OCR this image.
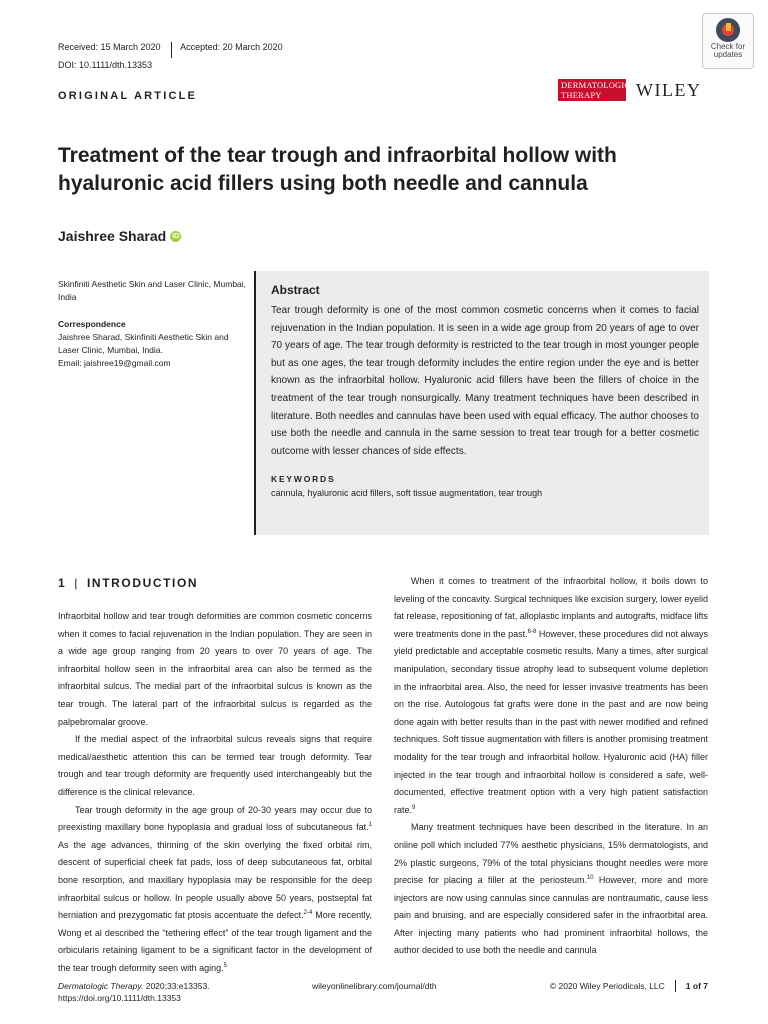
Received: 15 March 2020 Accepted: 20 March 2020
DOI: 10.1111/dth.13353
Check for
updates
ORIGINAL ARTICLE
DERMATOLOGIC
THERAPY	WILEY
Treatment of the tear trough and infraorbital hollow with hyaluronic acid fillers using both needle and cannula
Jaishree Sharad iD
Skinfiniti Aesthetic Skin and Laser Clinic, Mumbai, India
Correspondence
Jaishree Sharad, Skinfiniti Aesthetic Skin and Laser Clinic, Mumbai, India.
Email: jaishree19@gmail.com
Abstract

Tear trough deformity is one of the most common cosmetic concerns when it comes to facial rejuvenation in the Indian population. It is seen in a wide age group from 20 years of age to over 70 years of age. The tear trough deformity is restricted to the tear trough in most younger people but as one ages, the tear trough deformity includes the entire region under the eye and is better known as the infraorbital hollow. Hyaluronic acid fillers have been the fillers of choice in the treatment of the tear trough nonsurgically. Many treatment techniques have been described in literature. Both needles and cannulas have been used with equal efficacy. The author chooses to use both the needle and cannula in the same session to treat tear trough for a better cosmetic outcome with lesser chances of side effects.

KEYWORDS
cannula, hyaluronic acid fillers, soft tissue augmentation, tear trough
1 | INTRODUCTION

Infraorbital hollow and tear trough deformities are common cosmetic concerns when it comes to facial rejuvenation in the Indian population. They are seen in a wide age group ranging from 20 years to over 70 years of age. The infraorbital hollow seen in the infraorbital area can also be termed as the infraorbital sulcus. The medial part of the infraorbital sulcus is known as the tear trough. The lateral part of the infraorbital sulcus is regarded as the palpebromalar groove.

If the medial aspect of the infraorbital sulcus reveals signs that require medical/aesthetic attention this can be termed tear trough deformity. Tear trough and tear trough deformity are frequently used interchangeably but the difference is the clinical relevance.

Tear trough deformity in the age group of 20-30 years may occur due to preexisting maxillary bone hypoplasia and gradual loss of subcutaneous fat.$^1$ As the age advances, thinning of the skin overlying the fixed orbital rim, descent of superficial cheek fat pads, loss of deep subcutaneous fat, orbital bone resorption, and maxillary hypoplasia may be responsible for the deep infraorbital sulcus or hollow. In people usually above 50 years, postseptal fat herniation and prezygomatic fat ptosis accentuate the defect.$^{2-4}$ More recently, Wong et al described the “tethering effect” of the tear trough ligament and the orbicularis retaining ligament to be a significant factor in the development of the tear trough deformity seen with aging.$^5$

When it comes to treatment of the infraorbital hollow, it boils down to leveling of the concavity. Surgical techniques like excision surgery, lower eyelid fat release, repositioning of fat, alloplastic implants and autografts, midface lifts were treatments done in the past.$^{6-8}$ However, these procedures did not always yield predictable and acceptable cosmetic results. Many a times, after surgical manipulation, secondary tissue atrophy lead to subsequent volume depletion in the infraorbital area. Also, the need for lesser invasive treatments has been on the rise. Autologous fat grafts were done in the past and are now being done again with better results than in the past with newer modified and refined techniques. Soft tissue augmentation with fillers is another promising treatment modality for the tear trough and infraorbital hollow. Hyaluronic acid (HA) filler injected in the tear trough and infraorbital hollow is considered a safe, well-documented, effective treatment option with a very high patient satisfaction rate.$^9$

Many treatment techniques have been described in the literature. In an online poll which included 77% aesthetic physicians, 15% dermatologists, and 2% plastic surgeons, 79% of the total physicians thought needles were more precise for placing a filler at the periosteum.$^{10}$ However, more and more injectors are now using cannulas since cannulas are nontraumatic, cause less pain and bruising, and are especially considered safer in the infraorbital area. After injecting many patients who had prominent infraorbital hollows, the author decided to use both the needle and cannula

Dermatologic Therapy. 2020;33:e13353.
https://doi.org/10.1111/dth.13353
wileyonlinelibrary.com/journal/dth	© 2020 Wiley Periodicals, LLC 1 of 7
